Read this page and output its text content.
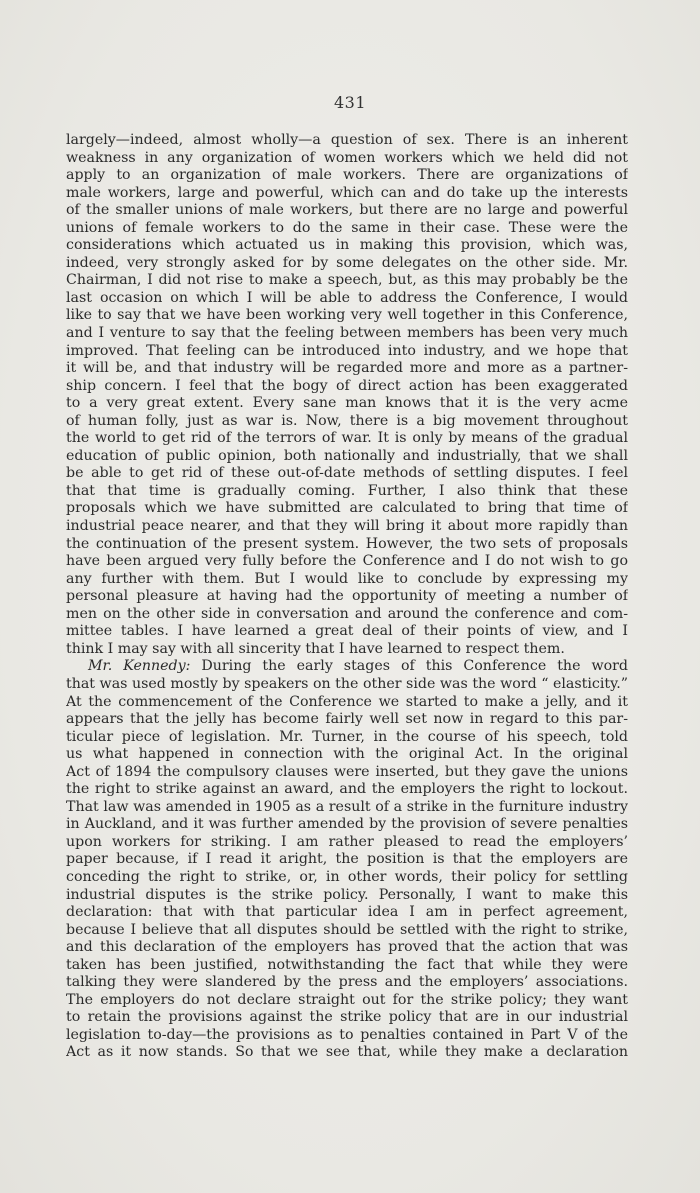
431
largely—indeed, almost wholly—a question of sex. There is an inherent
weakness in any organization of women workers which we held did not
apply to an organization of male workers. There are organizations of
male workers, large and powerful, which can and do take up the interests
of the smaller unions of male workers, but there are no large and powerful
unions of female workers to do the same in their case. These were the
considerations which actuated us in making this provision, which was,
indeed, very strongly asked for by some delegates on the other side. Mr.
Chairman, I did not rise to make a speech, but, as this may probably be the
last occasion on which I will be able to address the Conference, I would
like to say that we have been working very well together in this Conference,
and I venture to say that the feeling between members has been very much
improved. That feeling can be introduced into industry, and we hope that
it will be, and that industry will be regarded more and more as a partner-
ship concern. I feel that the bogy of direct action has been exaggerated
to a very great extent. Every sane man knows that it is the very acme
of human folly, just as war is. Now, there is a big movement throughout
the world to get rid of the terrors of war. It is only by means of the gradual
education of public opinion, both nationally and industrially, that we shall
be able to get rid of these out-of-date methods of settling disputes. I feel
that that time is gradually coming. Further, I also think that these
proposals which we have submitted are calculated to bring that time of
industrial peace nearer, and that they will bring it about more rapidly than
the continuation of the present system. However, the two sets of proposals
have been argued very fully before the Conference and I do not wish to go
any further with them. But I would like to conclude by expressing my
personal pleasure at having had the opportunity of meeting a number of
men on the other side in conversation and around the conference and com-
mittee tables. I have learned a great deal of their points of view, and I
think I may say with all sincerity that I have learned to respect them.
Mr. Kennedy: During the early stages of this Conference the word
that was used mostly by speakers on the other side was the word “ elasticity.”
At the commencement of the Conference we started to make a jelly, and it
appears that the jelly has become fairly well set now in regard to this par-
ticular piece of legislation. Mr. Turner, in the course of his speech, told
us what happened in connection with the original Act. In the original
Act of 1894 the compulsory clauses were inserted, but they gave the unions
the right to strike against an award, and the employers the right to lockout.
That law was amended in 1905 as a result of a strike in the furniture industry
in Auckland, and it was further amended by the provision of severe penalties
upon workers for striking. I am rather pleased to read the employers’
paper because, if I read it aright, the position is that the employers are
conceding the right to strike, or, in other words, their policy for settling
industrial disputes is the strike policy. Personally, I want to make this
declaration: that with that particular idea I am in perfect agreement,
because I believe that all disputes should be settled with the right to strike,
and this declaration of the employers has proved that the action that was
taken has been justified, notwithstanding the fact that while they were
talking they were slandered by the press and the employers’ associations.
The employers do not declare straight out for the strike policy; they want
to retain the provisions against the strike policy that are in our industrial
legislation to-day—the provisions as to penalties contained in Part V of the
Act as it now stands. So that we see that, while they make a declaration
